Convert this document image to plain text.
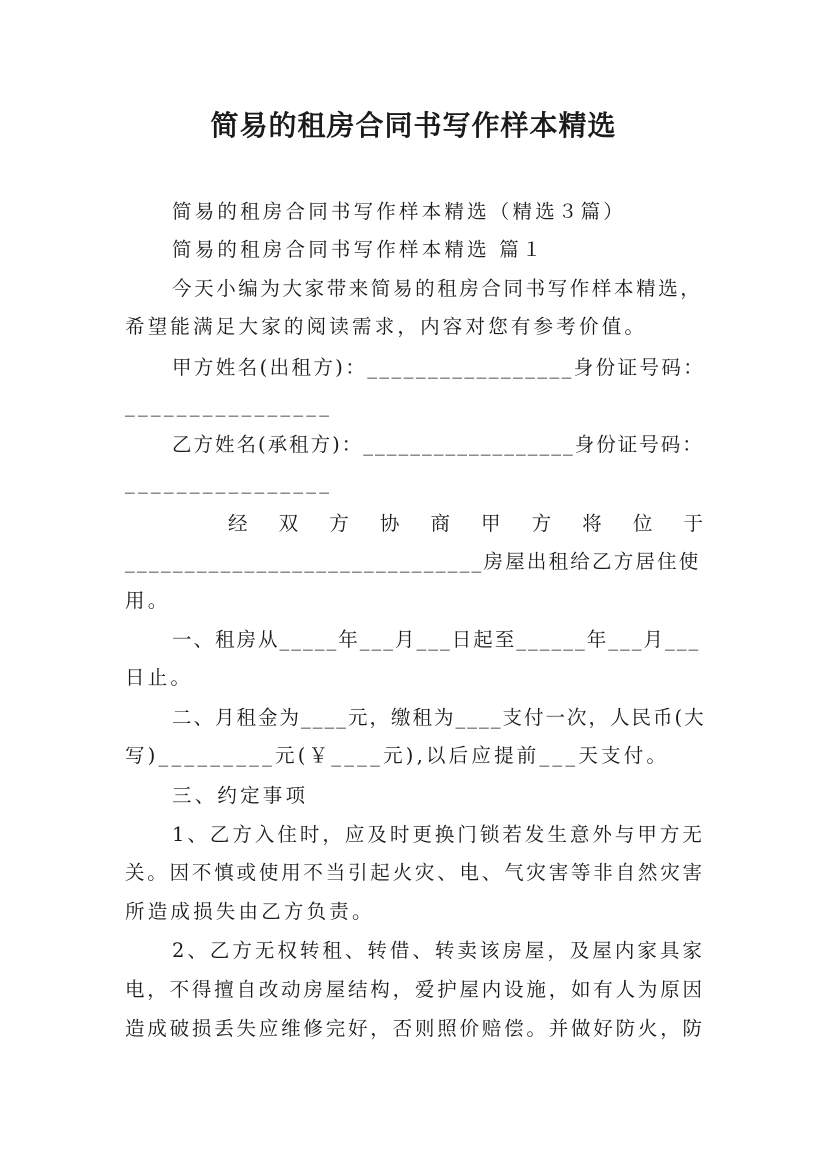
简易的租房合同书写作样本精选
简易的租房合同书写作样本精选（精选３篇）
简易的租房合同书写作样本精选 篇１
今天小编为大家带来简易的租房合同书写作样本精选，
希望能满足大家的阅读需求，内容对您有参考价值。
甲方姓名(出租方)：_________________身份证号码：
________________
乙方姓名(承租方)：__________________身份证号码：
________________
经双方协商甲方将位于
______________________________房屋出租给乙方居住使
用。
一、租房从_____年___月___日起至______年___月___
日止。
二、月租金为____元，缴租为____支付一次，人民币(大
写)_________元(￥____元),以后应提前___天支付。
三、约定事项
1、乙方入住时，应及时更换门锁若发生意外与甲方无
关。因不慎或使用不当引起火灾、电、气灾害等非自然灾害
所造成损失由乙方负责。
2、乙方无权转租、转借、转卖该房屋，及屋内家具家
电，不得擅自改动房屋结构，爱护屋内设施，如有人为原因
造成破损丢失应维修完好，否则照价赔偿。并做好防火，防
